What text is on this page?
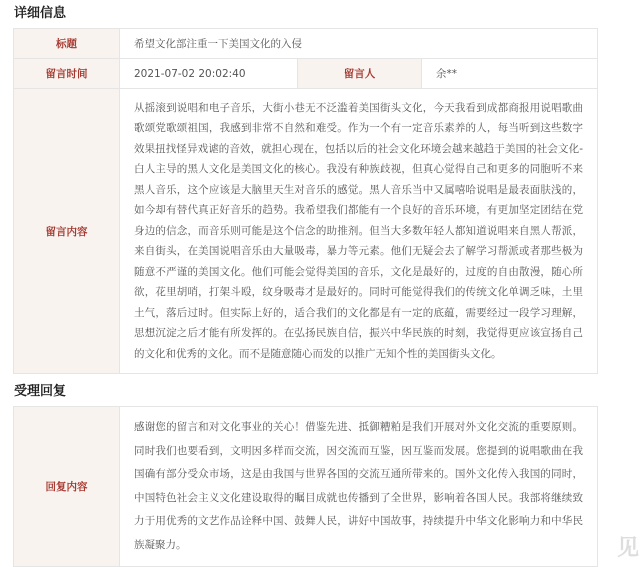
详细信息
标题	希望文化部注重一下美国文化的入侵		
留言时间	2021-07-02 20:02:40	留言人	余**
留言内容	从摇滚到说唱和电子音乐，大街小巷无不泛滥着美国街头文化，今天我看到成都商报用说唱歌曲歌颂党歌颂祖国，我感到非常不自然和难受。作为一个有一定音乐素养的人，每当听到这些数字效果扭找怪异戏谑的音效，就担心现在，包括以后的社会文化环境会越来越趋于美国的社会文化-白人主导的黑人文化是美国文化的核心。我没有种族歧视，但真心觉得自己和更多的同胞听不来黑人音乐，这个应该是大脑里天生对音乐的感觉。黑人音乐当中又属嘻哈说唱是最表面肤浅的，如今却有替代真正好音乐的趋势。我希望我们都能有一个良好的音乐环境，有更加坚定团结在党身边的信念，而音乐则可能是这个信念的助推剂。但当大多数年轻人都知道说唱来自黑人帮派，来自街头，在美国说唱音乐由大量吸毒，暴力等元素。他们无疑会去了解学习帮派或者那些极为随意不严谨的美国文化。他们可能会觉得美国的音乐，文化是最好的，过度的自由散漫，随心所欲，花里胡哨，打架斗殴，纹身吸毒才是最好的。同时可能觉得我们的传统文化单调乏味，土里土气，落后过时。但实际上好的，适合我们的文化都是有一定的底蕴，需要经过一段学习理解，思想沉淀之后才能有所发挥的。在弘扬民族自信，振兴中华民族的时刻，我觉得更应该宣扬自己的文化和优秀的文化。而不是随意随心而发的以推广无知个性的美国街头文化。		
受理回复
回复内容	感谢您的留言和对文化事业的关心！借鉴先进、抵御糟粕是我们开展对外文化交流的重要原则。同时我们也要看到，文明因多样而交流，因交流而互鉴，因互鉴而发展。您提到的说唱歌曲在我国确有部分受众市场，这是由我国与世界各国的交流互通所带来的。国外文化传入我国的同时，中国特色社会主义文化建设取得的瞩目成就也传播到了全世界，影响着各国人民。我部将继续致力于用优秀的文艺作品诠释中国、鼓舞人民，讲好中国故事，持续提升中华文化影响力和中华民族凝聚力。	见
